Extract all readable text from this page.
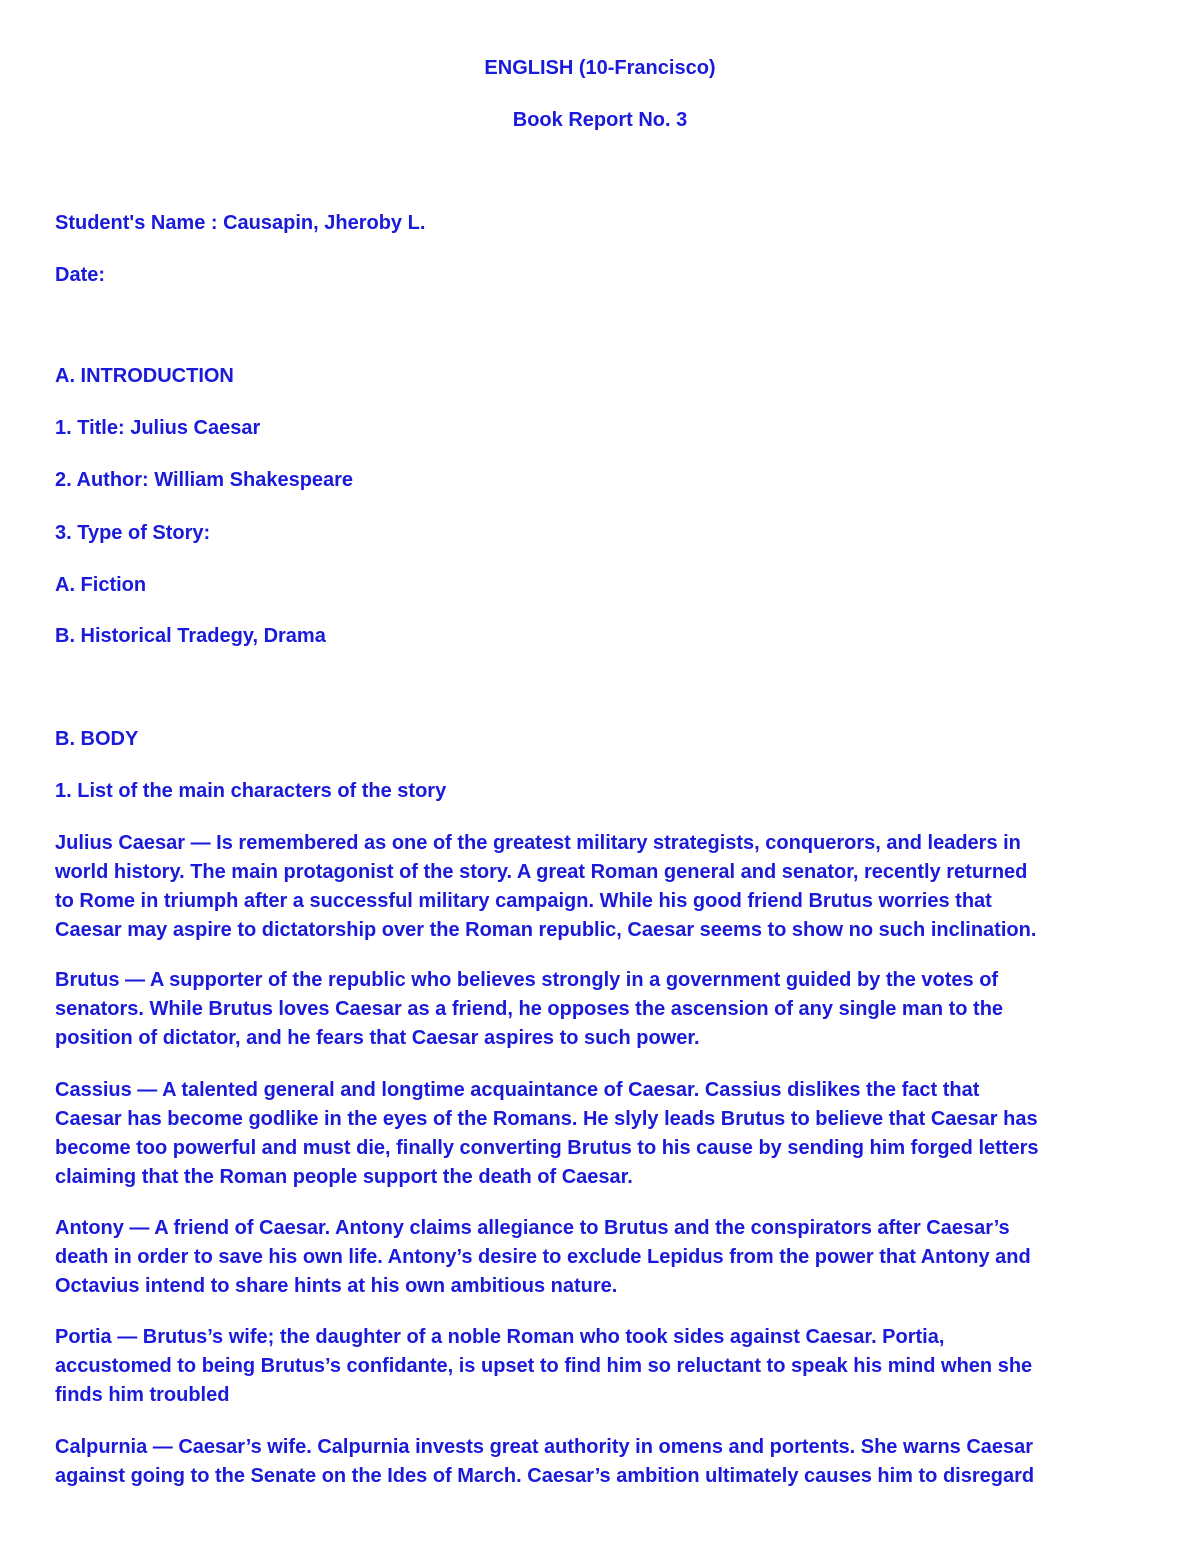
ENGLISH (10-Francisco)
Book Report No. 3
Student's Name : Causapin, Jheroby L.
Date:
A. INTRODUCTION
1. Title: Julius Caesar
2. Author: William Shakespeare
3. Type of Story:
A. Fiction
B. Historical Tradegy, Drama
B. BODY
1. List of the main characters of the story
Julius Caesar — Is remembered as one of the greatest military strategists, conquerors, and leaders in
world history. The main protagonist of the story. A great Roman general and senator, recently returned
to Rome in triumph after a successful military campaign. While his good friend Brutus worries that
Caesar may aspire to dictatorship over the Roman republic, Caesar seems to show no such inclination.
Brutus — A supporter of the republic who believes strongly in a government guided by the votes of
senators. While Brutus loves Caesar as a friend, he opposes the ascension of any single man to the
position of dictator, and he fears that Caesar aspires to such power.
Cassius — A talented general and longtime acquaintance of Caesar. Cassius dislikes the fact that
Caesar has become godlike in the eyes of the Romans. He slyly leads Brutus to believe that Caesar has
become too powerful and must die, finally converting Brutus to his cause by sending him forged letters
claiming that the Roman people support the death of Caesar.
Antony — A friend of Caesar. Antony claims allegiance to Brutus and the conspirators after Caesar’s
death in order to save his own life. Antony’s desire to exclude Lepidus from the power that Antony and
Octavius intend to share hints at his own ambitious nature.
Portia — Brutus’s wife; the daughter of a noble Roman who took sides against Caesar. Portia,
accustomed to being Brutus’s confidante, is upset to find him so reluctant to speak his mind when she
finds him troubled
Calpurnia — Caesar’s wife. Calpurnia invests great authority in omens and portents. She warns Caesar
against going to the Senate on the Ides of March. Caesar’s ambition ultimately causes him to disregard
